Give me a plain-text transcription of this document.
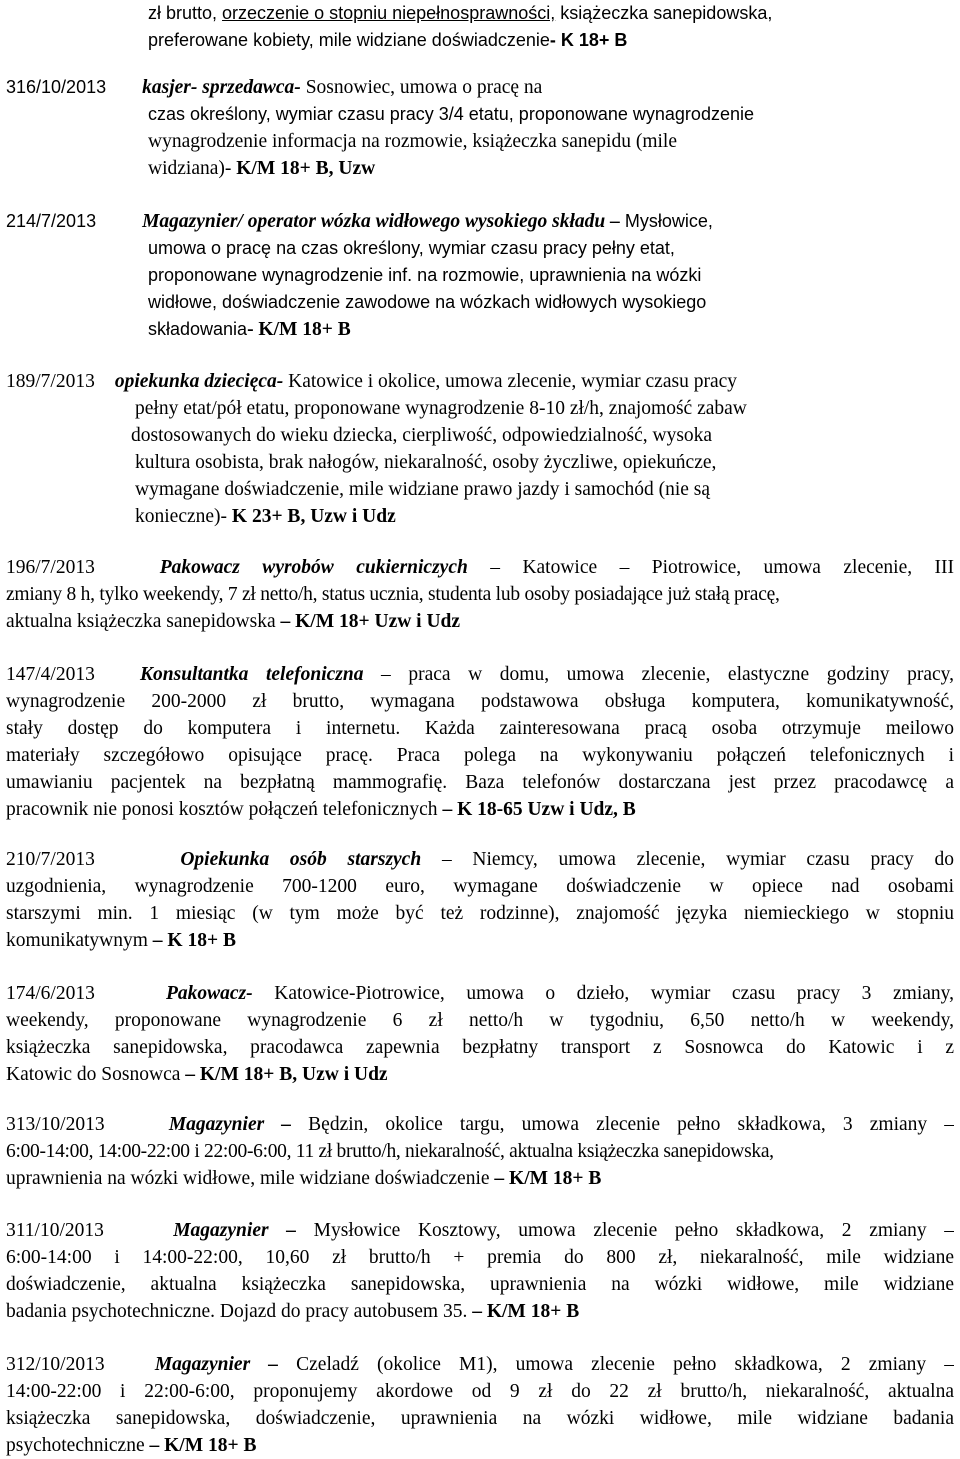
zł brutto, orzeczenie o stopniu niepełnosprawności, książeczka sanepidowska,
preferowane kobiety, mile widziane doświadczenie- K 18+ B
316/10/2013 kasjer- sprzedawca- Sosnowiec, umowa o pracę na
czas określony, wymiar czasu pracy 3/4 etatu, proponowane wynagrodzenie
wynagrodzenie informacja na rozmowie, książeczka sanepidu (mile
widziana)- K/M 18+ B, Uzw
214/7/2013 Magazynier/ operator wózka widłowego wysokiego składu – Mysłowice,
umowa o pracę na czas określony, wymiar czasu pracy pełny etat,
proponowane wynagrodzenie inf. na rozmowie, uprawnienia na wózki
widłowe, doświadczenie zawodowe na wózkach widłowych wysokiego
składowania- K/M 18+ B
189/7/2013 opiekunka dziecięca- Katowice i okolice, umowa zlecenie, wymiar czasu pracy
pełny etat/pół etatu, proponowane wynagrodzenie 8-10 zł/h, znajomość zabaw
dostosowanych do wieku dziecka, cierpliwość, odpowiedzialność, wysoka
kultura osobista, brak nałogów, niekaralność, osoby życzliwe, opiekuńcze,
wymagane doświadczenie, mile widziane prawo jazdy i samochód (nie są
konieczne)- K 23+ B, Uzw i Udz
196/7/2013	Pakowacz wyrobów cukierniczych – Katowice – Piotrowice, umowa zlecenie, III
zmiany 8 h, tylko weekendy, 7 zł netto/h, status ucznia, studenta lub osoby posiadające już stałą pracę,
aktualna książeczka sanepidowska – K/M 18+ Uzw i Udz
147/4/2013 Konsultantka telefoniczna – praca w domu, umowa zlecenie, elastyczne godziny pracy,
wynagrodzenie 200-2000 zł brutto, wymagana podstawowa obsługa komputera, komunikatywność,
stały dostęp do komputera i internetu. Każda zainteresowana pracą osoba otrzymuje meilowo
materiały szczegółowo opisujące pracę. Praca polega na wykonywaniu połączeń telefonicznych i
umawianiu pacjentek na bezpłatną mammografię. Baza telefonów dostarczana jest przez pracodawcę a
pracownik nie ponosi kosztów połączeń telefonicznych – K 18-65 Uzw i Udz, B
210/7/2013	Opiekunka osób starszych – Niemcy, umowa zlecenie, wymiar czasu pracy do
uzgodnienia, wynagrodzenie 700-1200 euro, wymagane doświadczenie w opiece nad osobami
starszymi min. 1 miesiąc (w tym może być też rodzinne), znajomość języka niemieckiego w stopniu
komunikatywnym – K 18+ B
174/6/2013	Pakowacz- Katowice-Piotrowice, umowa o dzieło, wymiar czasu pracy 3 zmiany,
weekendy, proponowane wynagrodzenie 6 zł netto/h w tygodniu, 6,50 netto/h w weekendy,
książeczka sanepidowska, pracodawca zapewnia bezpłatny transport z Sosnowca do Katowic i z
Katowic do Sosnowca – K/M 18+ B, Uzw i Udz
313/10/2013	Magazynier – Będzin, okolice targu, umowa zlecenie pełno składkowa, 3 zmiany –
6:00-14:00, 14:00-22:00 i 22:00-6:00, 11 zł brutto/h, niekaralność, aktualna książeczka sanepidowska,
uprawnienia na wózki widłowe, mile widziane doświadczenie – K/M 18+ B
311/10/2013	Magazynier – Mysłowice Kosztowy, umowa zlecenie pełno składkowa, 2 zmiany –
6:00-14:00 i 14:00-22:00, 10,60 zł brutto/h + premia do 800 zł, niekaralność, mile widziane
doświadczenie, aktualna książeczka sanepidowska, uprawnienia na wózki widłowe, mile widziane
badania psychotechniczne. Dojazd do pracy autobusem 35. – K/M 18+ B
312/10/2013	Magazynier – Czeladź (okolice M1), umowa zlecenie pełno składkowa, 2 zmiany –
14:00-22:00 i 22:00-6:00, proponujemy akordowe od 9 zł do 22 zł brutto/h, niekaralność, aktualna
książeczka sanepidowska, doświadczenie, uprawnienia na wózki widłowe, mile widziane badania
psychotechniczne – K/M 18+ B
